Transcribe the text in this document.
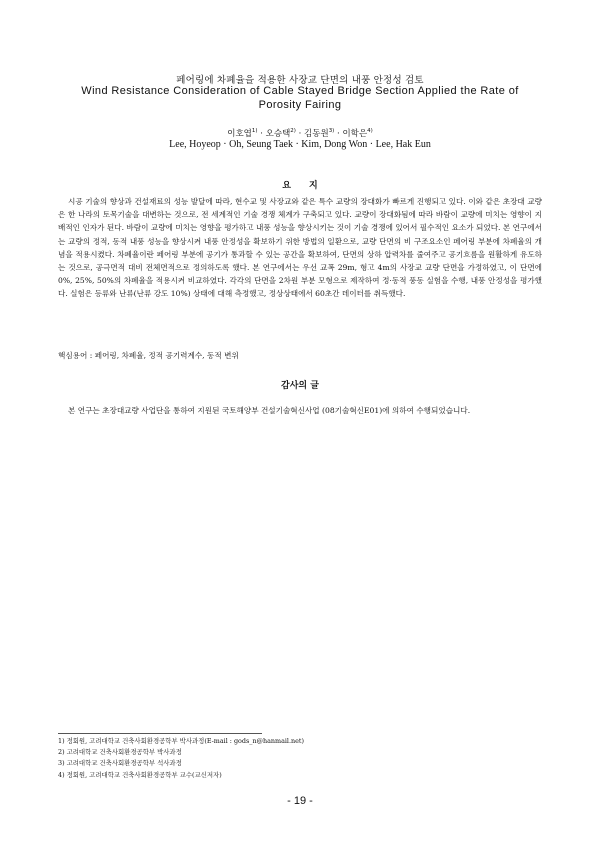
페어링에 차폐율을 적용한 사장교 단면의 내풍 안정성 검토
Wind Resistance Consideration of Cable Stayed Bridge Section Applied the Rate of Porosity Fairing
이호엽$^{1)}$ · 오승택$^{2)}$ · 김동원$^{3)}$ · 이학은$^{4)}$
Lee, Hoyeop · Oh, Seung Taek · Kim, Dong Won · Lee, Hak Eun
요지
시공 기술의 향상과 건설재료의 성능 발달에 따라, 현수교 및 사장교와 같은 특수 교량의 장대화가 빠르게 진행되고 있다. 이와 같은 초장대 교량은 한 나라의 토목기술을 대변하는 것으로, 전 세계적인 기술 경쟁 체계가 구축되고 있다. 교량이 장대화됨에 따라 바람이 교량에 미치는 영향이 지배적인 인자가 된다. 바람이 교량에 미치는 영향을 평가하고 내풍 성능을 향상시키는 것이 기술 경쟁에 있어서 필수적인 요소가 되었다. 본 연구에서는 교량의 정적, 동적 내풍 성능을 향상시켜 내풍 안정성을 확보하기 위한 방법의 일환으로, 교량 단면의 비 구조요소인 페어링 부분에 차폐율의 개념을 적용시켰다. 차폐율이란 페어링 부분에 공기가 통과할 수 있는 공간을 확보하여, 단면의 상하 압력차를 줄여주고 공기흐름을 원활하게 유도하는 것으로, 공극면적 대비 전체면적으로 정의하도록 했다. 본 연구에서는 우선 교폭 29m, 형고 4m의 사장교 교량 단면을 가정하였고, 이 단면에 0%, 25%, 50%의 차폐율을 적용시켜 비교하였다. 각각의 단면을 2차원 부분 모형으로 제작하여 정·동적 풍동 실험을 수행, 내풍 안정성을 평가했다. 실험은 등류와 난류(난류 강도 10%) 상태에 대해 측정했고, 정상상태에서 60초간 데이터를 취득했다.
핵심용어 : 페어링, 차폐율, 정적 공기력계수, 동적 변위
감사의 글
본 연구는 초장대교량 사업단을 통하여 지원된 국토해양부 건설기술혁신사업 (08기술혁신E01)에 의하여 수행되었습니다.
1) 정회원, 고려대학교 건축사회환경공학부 박사과정(E-mail : gods_n@hanmail.net)
2) 고려대학교 건축사회환경공학부 박사과정
3) 고려대학교 건축사회환경공학부 석사과정
4) 정회원, 고려대학교 건축사회환경공학부 교수(교신저자)
- 19 -
